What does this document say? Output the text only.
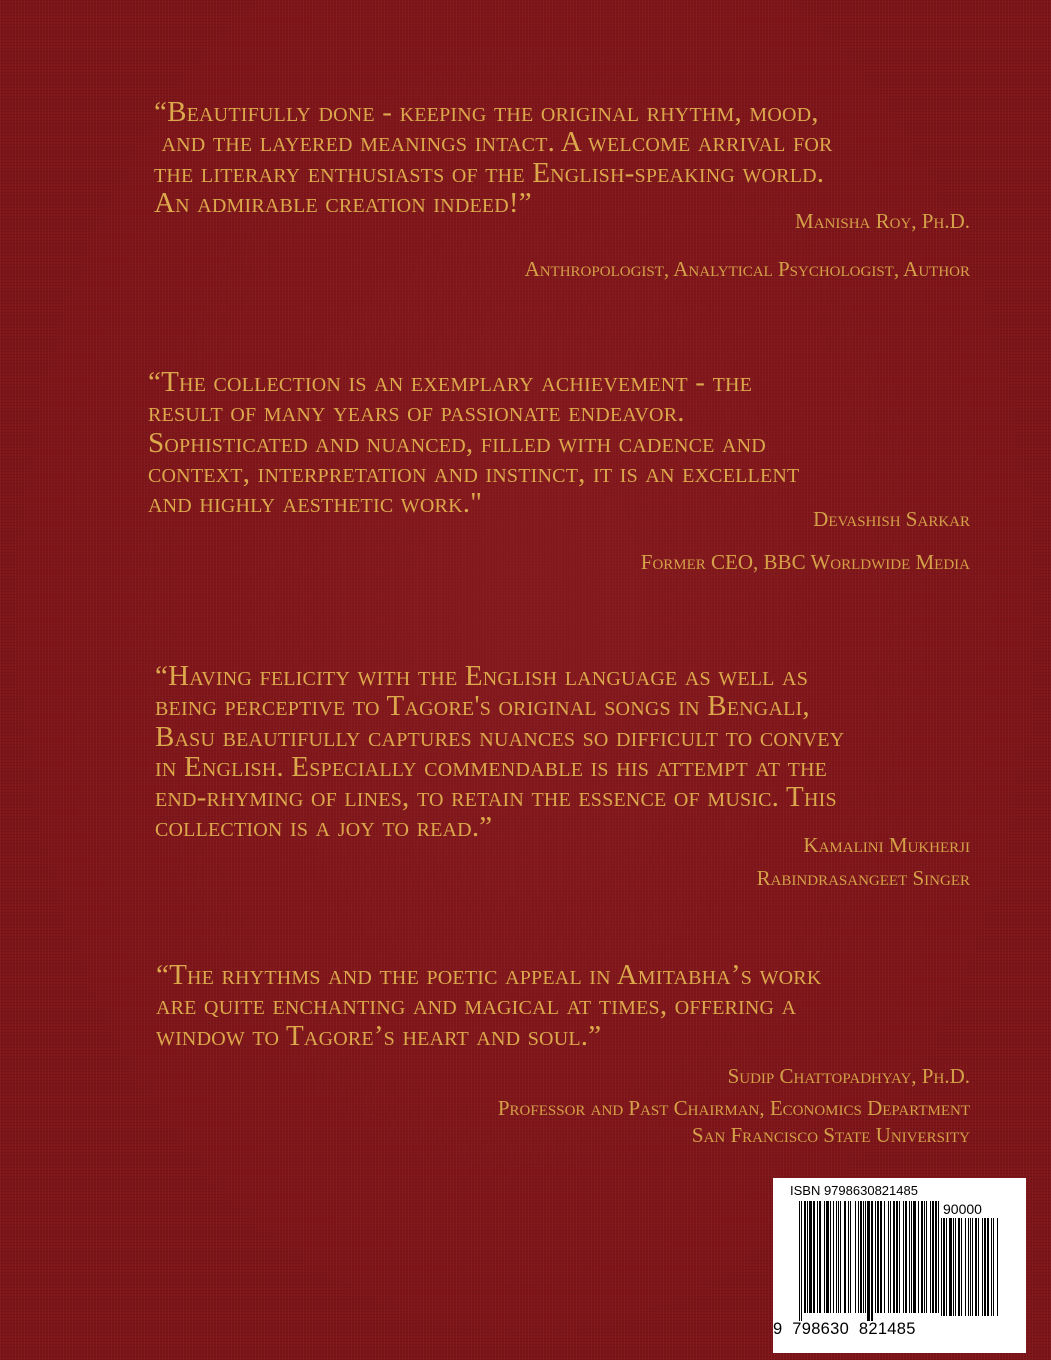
“Beautifully done - keeping the original rhythm, mood,
and the layered meanings intact. A welcome arrival for
the literary enthusiasts of the English-speaking world.
An admirable creation indeed!”

Manisha Roy, Ph.D.

Anthropologist, Analytical Psychologist, Author

“The collection is an exemplary achievement - the
result of many years of passionate endeavor.
Sophisticated and nuanced, filled with cadence and
context, interpretation and instinct, it is an excellent
and highly aesthetic work."	Devashish Sarkar

Former CEO, BBC Worldwide Media

“Having felicity with the English language as well as
being perceptive to Tagore's original songs in Bengali,
Basu beautifully captures nuances so difficult to convey
in English. Especially commendable is his attempt at the
end-rhyming of lines, to retain the essence of music. This
collection is a joy to read.”

Kamalini Mukherji

Rabindrasangeet Singer

“The rhythms and the poetic appeal in Amitabha’s work
are quite enchanting and magical at times, offering a
window to Tagore’s heart and soul.”

Sudip Chattopadhyay, Ph.D.

Professor and Past Chairman, Economics Department

San Francisco State University

ISBN 9798630821485
90000
9  798630  821485
